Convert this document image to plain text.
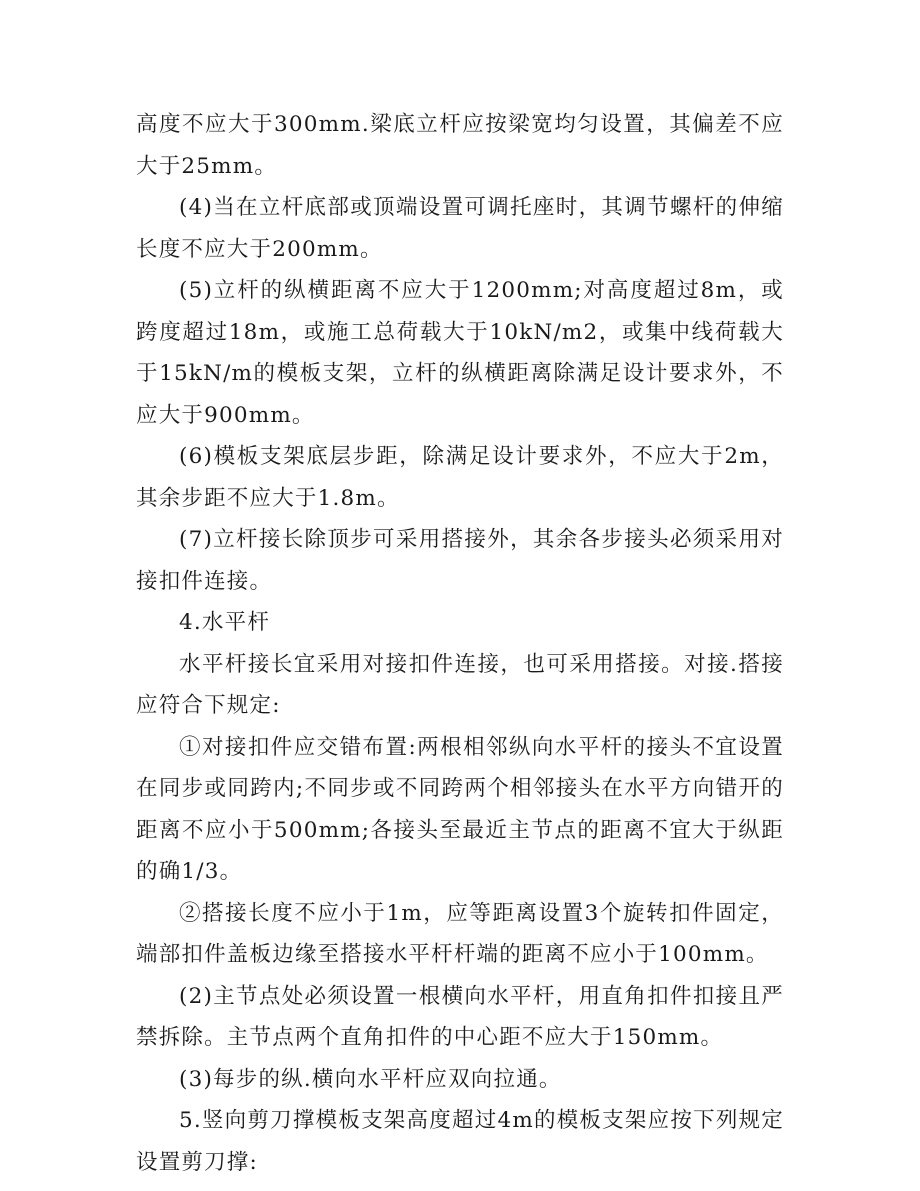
高度不应大于300mm.梁底立杆应按梁宽均匀设置，其偏差不应大于25mm。

(4)当在立杆底部或顶端设置可调托座时，其调节螺杆的伸缩长度不应大于200mm。

(5)立杆的纵横距离不应大于1200mm;对高度超过8m，或跨度超过18m，或施工总荷载大于10kN/m2，或集中线荷载大于15kN/m的模板支架，立杆的纵横距离除满足设计要求外，不应大于900mm。

(6)模板支架底层步距，除满足设计要求外，不应大于2m，其余步距不应大于1.8m。

(7)立杆接长除顶步可采用搭接外，其余各步接头必须采用对接扣件连接。

4.水平杆

水平杆接长宜采用对接扣件连接，也可采用搭接。对接.搭接应符合下规定:

①对接扣件应交错布置:两根相邻纵向水平杆的接头不宜设置在同步或同跨内;不同步或不同跨两个相邻接头在水平方向错开的距离不应小于500mm;各接头至最近主节点的距离不宜大于纵距的确1/3。

②搭接长度不应小于1m，应等距离设置3个旋转扣件固定，端部扣件盖板边缘至搭接水平杆杆端的距离不应小于100mm。

(2)主节点处必须设置一根横向水平杆，用直角扣件扣接且严禁拆除。主节点两个直角扣件的中心距不应大于150mm。

(3)每步的纵.横向水平杆应双向拉通。

5.竖向剪刀撑模板支架高度超过4m的模板支架应按下列规定设置剪刀撑:
